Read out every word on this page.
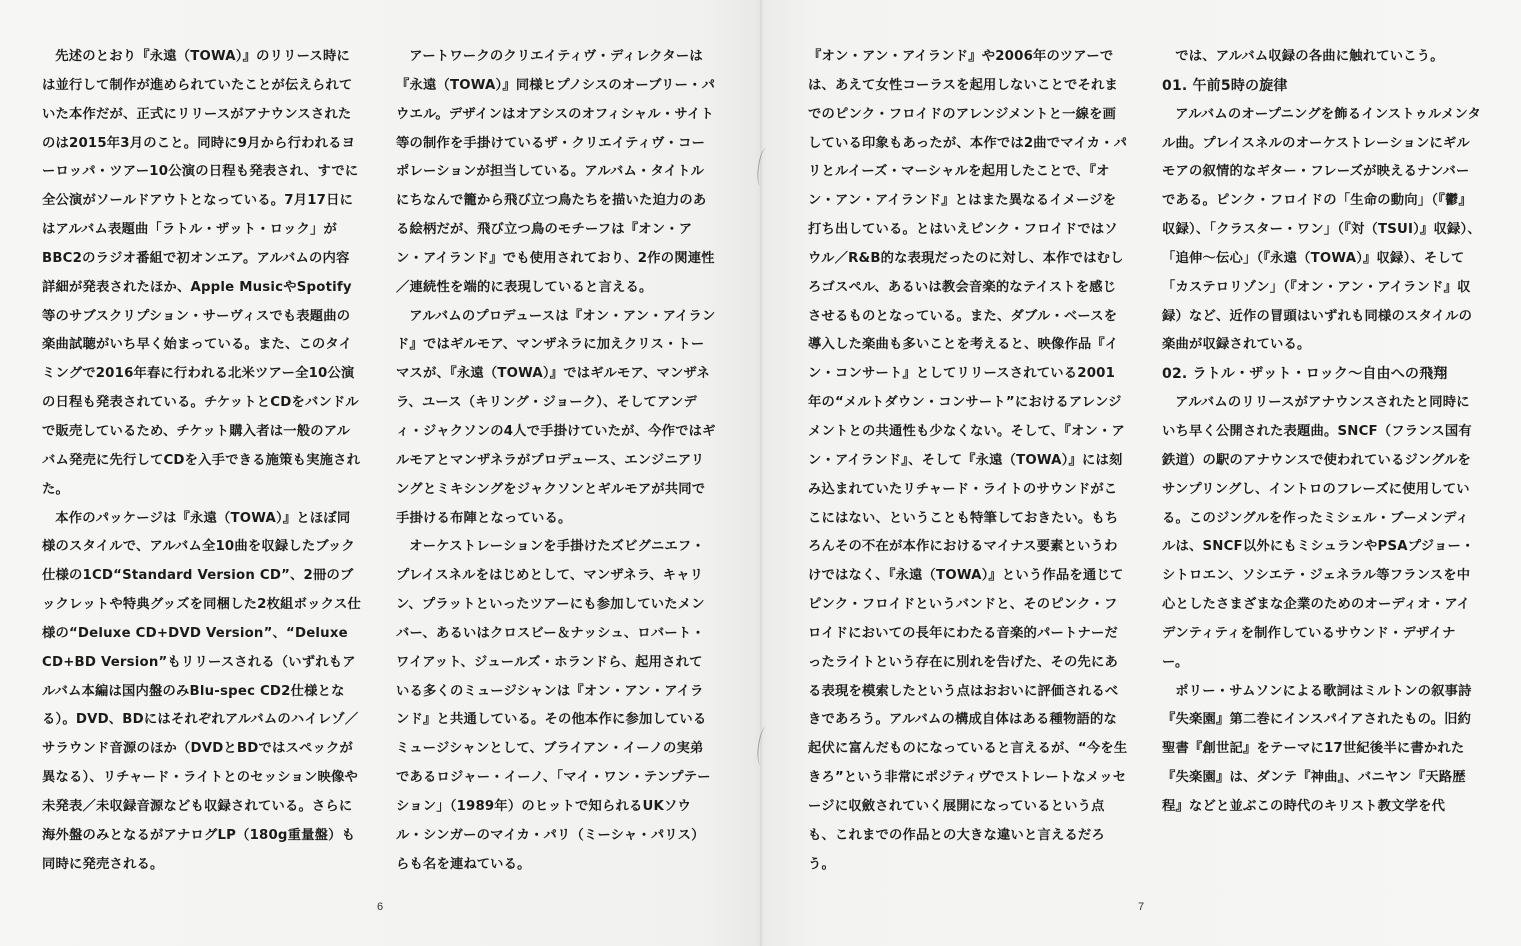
先述のとおり『永遠（TOWA）』のリリース時には並行して制作が進められていたことが伝えられていた本作だが、正式にリリースがアナウンスされたのは2015年3月のこと。同時に9月から行われるヨーロッパ・ツアー10公演の日程も発表され、すでに全公演がソールドアウトとなっている。7月17日にはアルバム表題曲「ラトル・ザット・ロック」がBBC2のラジオ番組で初オンエア。アルバムの内容詳細が発表されたほか、Apple MusicやSpotify等のサブスクリプション・サーヴィスでも表題曲の楽曲試聴がいち早く始まっている。また、このタイミングで2016年春に行われる北米ツアー全10公演の日程も発表されている。チケットとCDをバンドルで販売しているため、チケット購入者は一般のアルバム発売に先行してCDを入手できる施策も実施された。

本作のパッケージは『永遠（TOWA）』とほぼ同様のスタイルで、アルバム全10曲を収録したブック仕様の1CD“Standard Version CD”、2冊のブックレットや特典グッズを同梱した2枚組ボックス仕様の“Deluxe CD+DVD Version”、“Deluxe CD+BD Version”もリリースされる（いずれもアルバム本編は国内盤のみBlu-spec CD2仕様となる）。DVD、BDにはそれぞれアルバムのハイレゾ／サラウンド音源のほか（DVDとBDではスペックが異なる）、リチャード・ライトとのセッション映像や未発表／未収録音源なども収録されている。さらに海外盤のみとなるがアナログLP（180g重量盤）も同時に発売される。

アートワークのクリエイティヴ・ディレクターは『永遠（TOWA）』同様ヒプノシスのオーブリー・パウエル。デザインはオアシスのオフィシャル・サイト等の制作を手掛けているザ・クリエイティヴ・コーポレーションが担当している。アルバム・タイトルにちなんで籠から飛び立つ鳥たちを描いた迫力のある絵柄だが、飛び立つ鳥のモチーフは『オン・アン・アイランド』でも使用されており、2作の関連性／連続性を端的に表現していると言える。

アルバムのプロデュースは『オン・アン・アイランド』ではギルモア、マンザネラに加えクリス・トーマスが、『永遠（TOWA）』ではギルモア、マンザネラ、ユース（キリング・ジョーク）、そしてアンディ・ジャクソンの4人で手掛けていたが、今作ではギルモアとマンザネラがプロデュース、エンジニアリングとミキシングをジャクソンとギルモアが共同で手掛ける布陣となっている。

オーケストレーションを手掛けたズビグニエフ・プレイスネルをはじめとして、マンザネラ、キャリン、プラットといったツアーにも参加していたメンバー、あるいはクロスビー＆ナッシュ、ロバート・ワイアット、ジュールズ・ホランドら、起用されている多くのミュージシャンは『オン・アン・アイランド』と共通している。その他本作に参加しているミュージシャンとして、ブライアン・イーノの実弟であるロジャー・イーノ、「マイ・ワン・テンプテーション」（1989年）のヒットで知られるUKソウル・シンガーのマイカ・パリ（ミーシャ・パリス）らも名を連ねている。

『オン・アン・アイランド』や2006年のツアーでは、あえて女性コーラスを起用しないことでそれまでのピンク・フロイドのアレンジメントと一線を画している印象もあったが、本作では2曲でマイカ・パリとルイーズ・マーシャルを起用したことで、『オン・アン・アイランド』とはまた異なるイメージを打ち出している。とはいえピンク・フロイドではソウル／R&B的な表現だったのに対し、本作ではむしろゴスペル、あるいは教会音楽的なテイストを感じさせるものとなっている。また、ダブル・ベースを導入した楽曲も多いことを考えると、映像作品『イン・コンサート』としてリリースされている2001年の“メルトダウン・コンサート”におけるアレンジメントとの共通性も少なくない。そして、『オン・アン・アイランド』、そして『永遠（TOWA）』には刻み込まれていたリチャード・ライトのサウンドがここにはない、ということも特筆しておきたい。もちろんその不在が本作におけるマイナス要素というわけではなく、『永遠（TOWA）』という作品を通じてピンク・フロイドというバンドと、そのピンク・フロイドにおいての長年にわたる音楽的パートナーだったライトという存在に別れを告げた、その先にある表現を模索したという点はおおいに評価されるべきであろう。アルバムの構成自体はある種物語的な起伏に富んだものになっていると言えるが、“今を生きろ”という非常にポジティヴでストレートなメッセージに収斂されていく展開になっているという点も、これまでの作品との大きな違いと言えるだろう。

では、アルバム収録の各曲に触れていこう。

01. 午前5時の旋律

アルバムのオープニングを飾るインストゥルメンタル曲。プレイスネルのオーケストレーションにギルモアの叙情的なギター・フレーズが映えるナンバーである。ピンク・フロイドの「生命の動向」（『鬱』収録）、「クラスター・ワン」（『対（TSUI）』収録）、「追伸〜伝心」（『永遠（TOWA）』収録）、そして「カステロリゾン」（『オン・アン・アイランド』収録）など、近作の冒頭はいずれも同様のスタイルの楽曲が収録されている。

02. ラトル・ザット・ロック〜自由への飛翔

アルバムのリリースがアナウンスされたと同時にいち早く公開された表題曲。SNCF（フランス国有鉄道）の駅のアナウンスで使われているジングルをサンプリングし、イントロのフレーズに使用している。このジングルを作ったミシェル・ブーメンディルは、SNCF以外にもミシュランやPSAプジョー・シトロエン、ソシエテ・ジェネラル等フランスを中心としたさまざまな企業のためのオーディオ・アイデンティティを制作しているサウンド・デザイナー。

ポリー・サムソンによる歌詞はミルトンの叙事詩『失楽園』第二巻にインスパイアされたもの。旧約聖書『創世記』をテーマに17世紀後半に書かれた『失楽園』は、ダンテ『神曲』、バニヤン『天路歴程』などと並ぶこの時代のキリスト教文学を代

6	7
